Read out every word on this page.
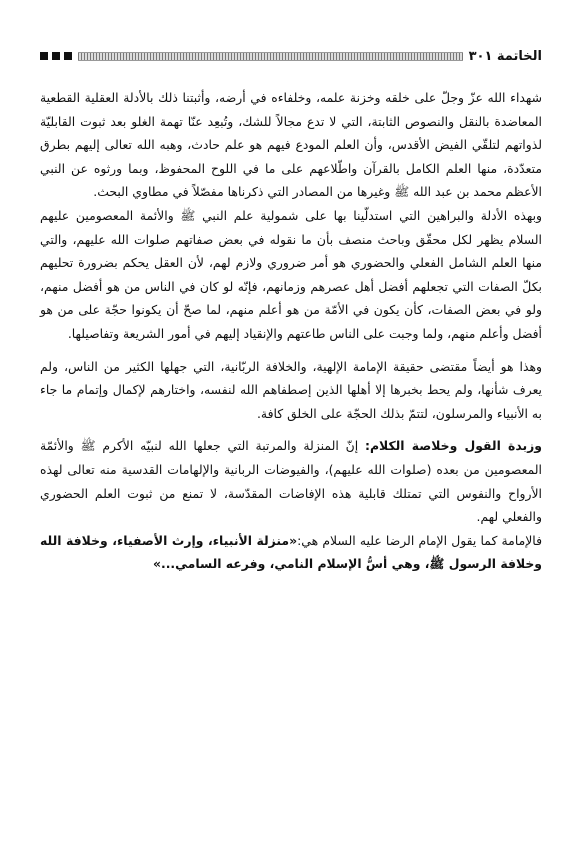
الخاتمة ٣٠١

شهداء الله عزّ وجلّ على خلقه وخزنة علمه، وخلفاءه في أرضه، وأثبتنا ذلك بالأدلة العقلية القطعية المعاضدة بالنقل والنصوص الثابتة، التي لا تدع مجالاً للشك، وتُبعِد عنّا تهمة الغلو بعد ثبوت القابليّة لذواتهم لتلقّي الفيض الأقدس، وأن العلم المودع فيهم هو علم حادث، وهبه الله تعالى إليهم بطرق متعدّدة، منها العلم الكامل بالقرآن واطّلاعهم على ما في اللوح المحفوظ، وبما ورثوه عن النبي الأعظم محمد بن عبد الله ﷺ وغيرها من المصادر التي ذكرناها مفصّلاً في مطاوي البحث.

وبهذه الأدلة والبراهين التي استدلّينا بها على شمولية علم النبي ﷺ والأئمة المعصومين عليهم السلام يظهر لكل محقّق وباحث منصف بأن ما نقوله في بعض صفاتهم صلوات الله عليهم، والتي منها العلم الشامل الفعلي والحضوري هو أمر ضروري ولازم لهم، لأن العقل يحكم بضرورة تحليهم بكلّ الصفات التي تجعلهم أفضل أهل عصرهم وزمانهم، فإنّه لو كان في الناس من هو أفضل منهم، ولو في بعض الصفات، كأن يكون في الأمّة من هو أعلم منهم، لما صحّ أن يكونوا حجّة على من هو أفضل وأعلم منهم، ولما وجبت على الناس طاعتهم والإنقياد إليهم في أمور الشريعة وتفاصيلها.

وهذا هو أيضاً مقتضى حقيقة الإمامة الإلهية، والخلافة الربّانية، التي جهلها الكثير من الناس، ولم يعرف شأنها، ولم يحط بخبرها إلا أهلها الذين إصطفاهم الله لنفسه، واختارهم لإكمال وإتمام ما جاء به الأنبياء والمرسلون، لتتمّ بذلك الحجّة على الخلق كافة.

وزبدة القول وخلاصة الكلام: إنّ المنزلة والمرتبة التي جعلها الله لنبيّه الأكرم ﷺ والأئمّة المعصومين من بعده (صلوات الله عليهم)، والفيوضات الربانية والإلهامات القدسية منه تعالى لهذه الأرواح والنفوس التي تمتلك قابلية هذه الإفاضات المقدّسة، لا تمنع من ثبوت العلم الحضوري والفعلي لهم.

فالإمامة كما يقول الإمام الرضا عليه السلام هي:«منزلة الأنبياء، وإرث الأصفياء، وخلافة الله وخلافة الرسول ﷺ، وهي أسُّ الإسلام النامي، وفرعه السامي...»
